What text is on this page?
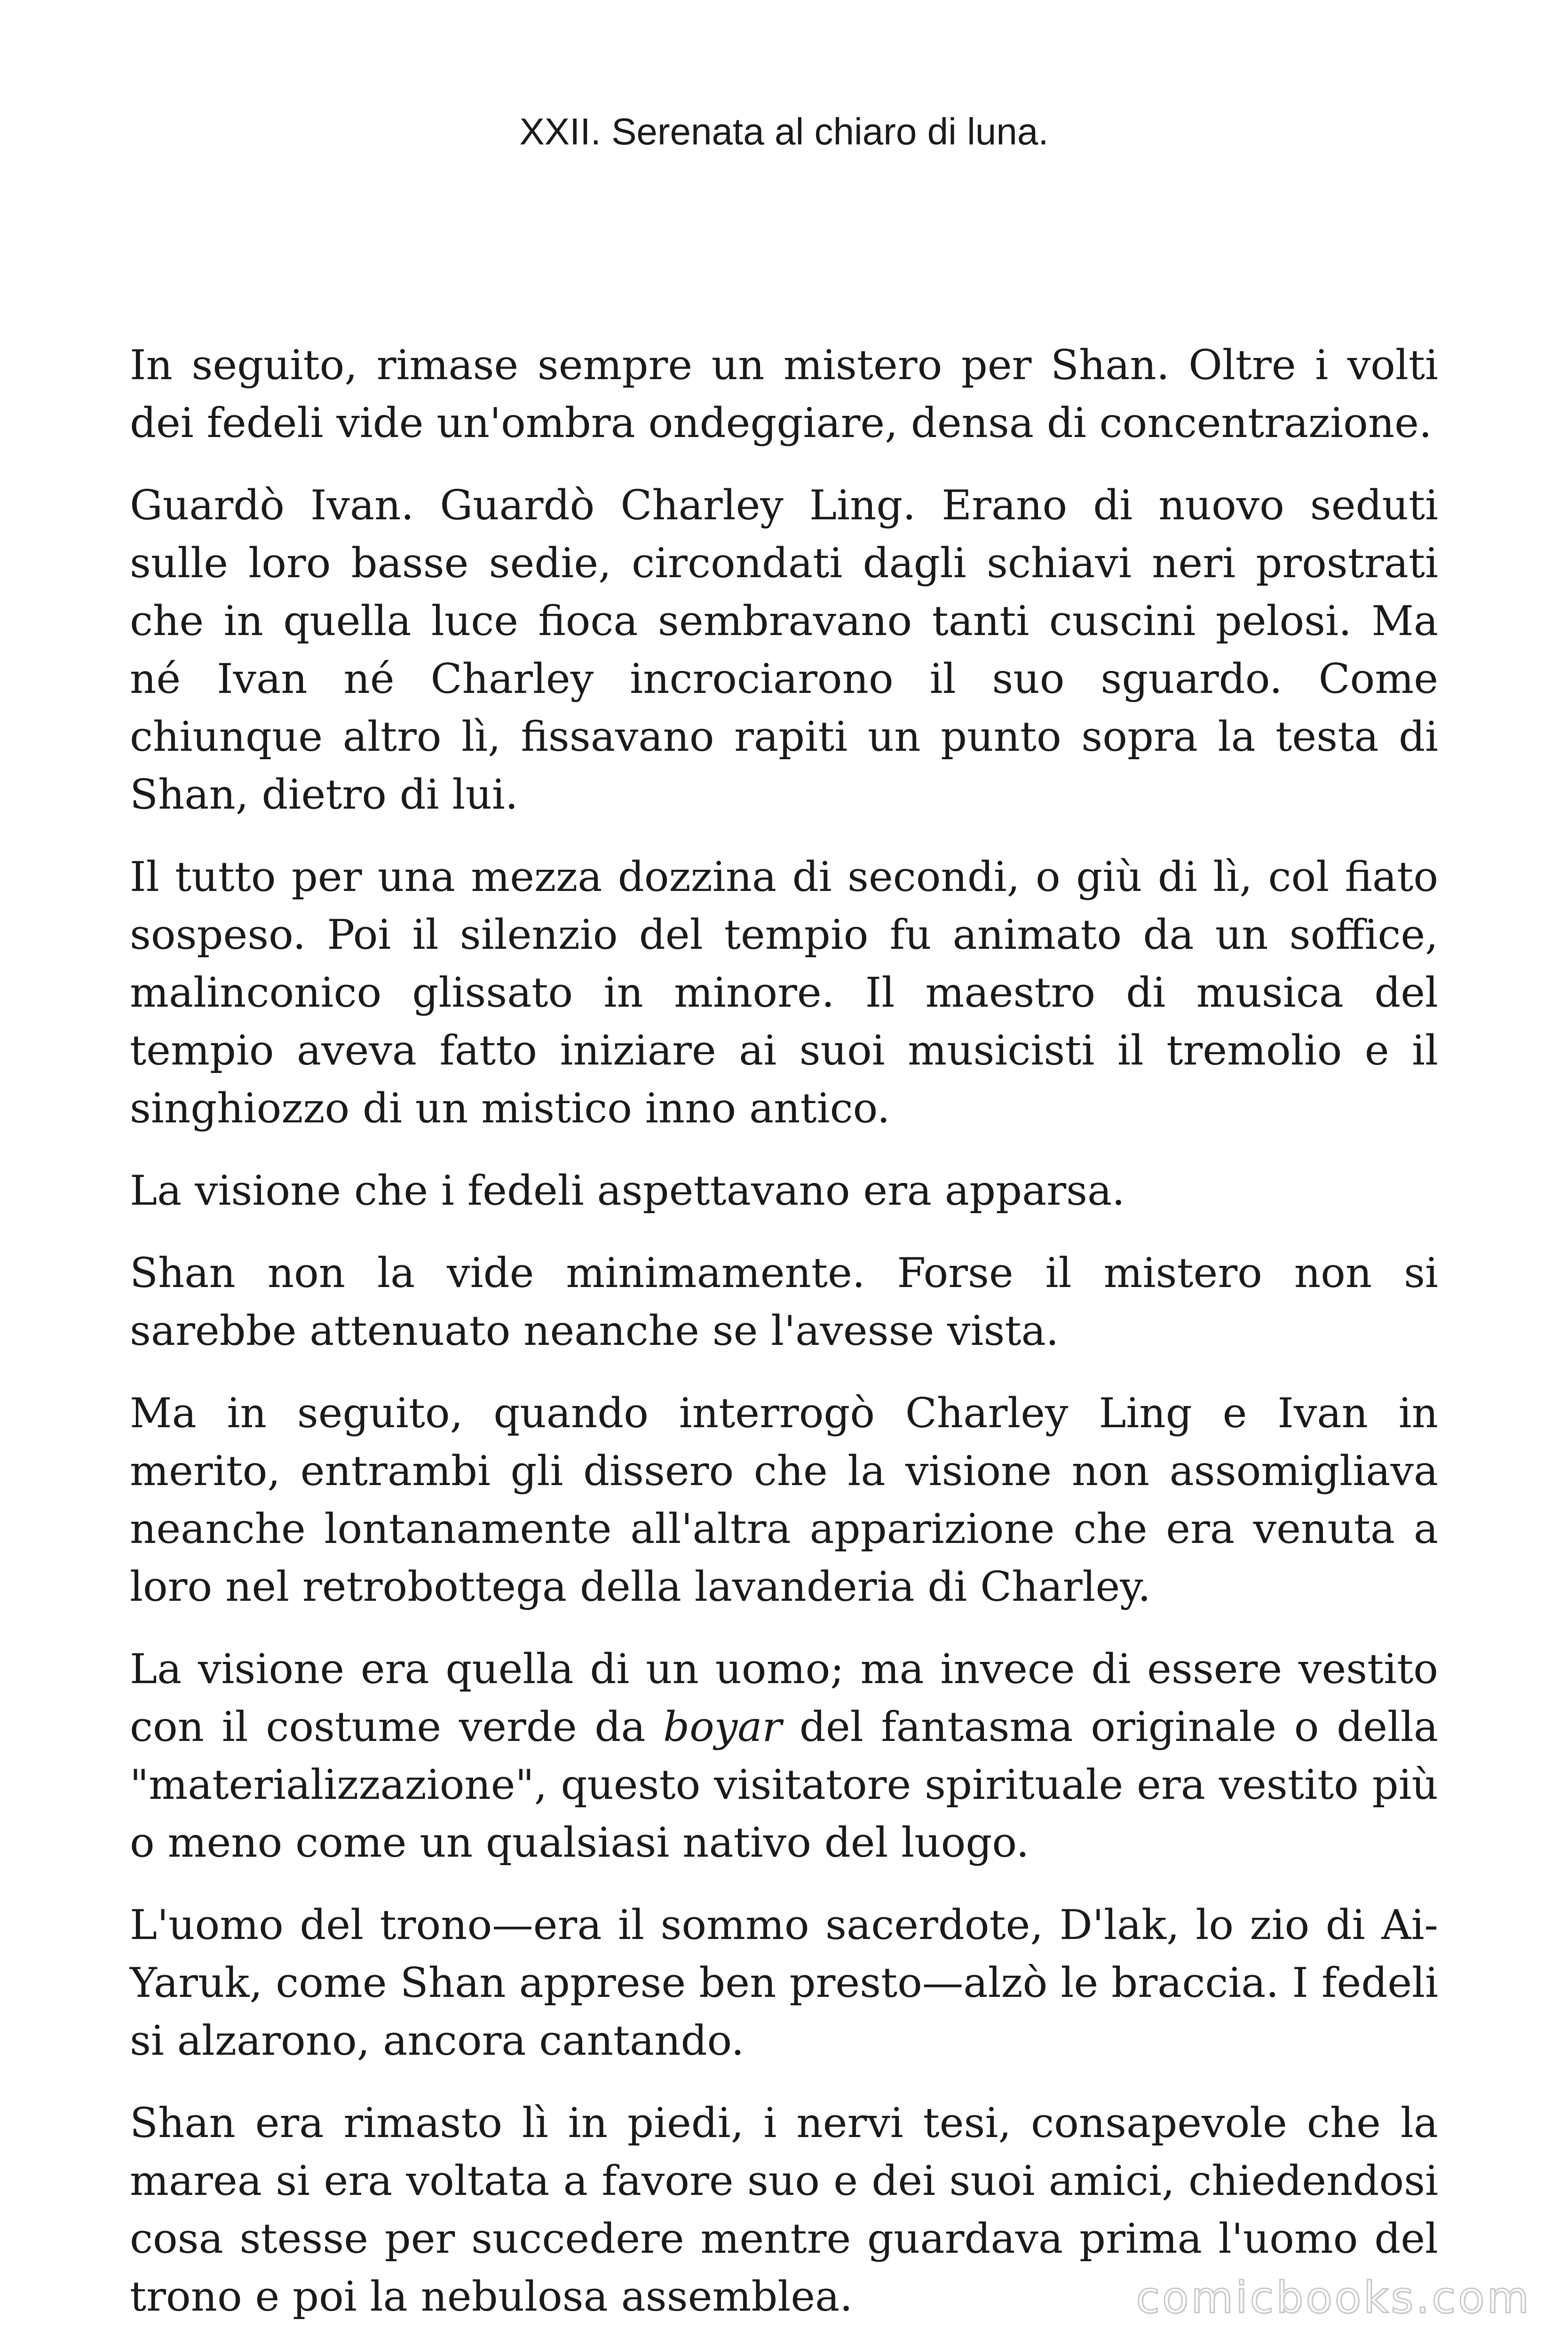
XXII. Serenata al chiaro di luna.

In seguito, rimase sempre un mistero per Shan. Oltre i volti dei fedeli vide un'ombra ondeggiare, densa di concentrazione.

Guardò Ivan. Guardò Charley Ling. Erano di nuovo seduti sulle loro basse sedie, circondati dagli schiavi neri prostrati che in quella luce fioca sembravano tanti cuscini pelosi. Ma né Ivan né Charley incrociarono il suo sguardo. Come chiunque altro lì, fissavano rapiti un punto sopra la testa di Shan, dietro di lui.

Il tutto per una mezza dozzina di secondi, o giù di lì, col fiato sospeso. Poi il silenzio del tempio fu animato da un soffice, malinconico glissato in minore. Il maestro di musica del tempio aveva fatto iniziare ai suoi musicisti il tremolio e il singhiozzo di un mistico inno antico.

La visione che i fedeli aspettavano era apparsa.

Shan non la vide minimamente. Forse il mistero non si sarebbe attenuato neanche se l'avesse vista.

Ma in seguito, quando interrogò Charley Ling e Ivan in merito, entrambi gli dissero che la visione non assomigliava neanche lontanamente all'altra apparizione che era venuta a loro nel retrobottega della lavanderia di Charley.

La visione era quella di un uomo; ma invece di essere vestito con il costume verde da boyar del fantasma originale o della "materializzazione", questo visitatore spirituale era vestito più o meno come un qualsiasi nativo del luogo.

L'uomo del trono—era il sommo sacerdote, D'lak, lo zio di Ai-Yaruk, come Shan apprese ben presto—alzò le braccia. I fedeli si alzarono, ancora cantando.

Shan era rimasto lì in piedi, i nervi tesi, consapevole che la marea si era voltata a favore suo e dei suoi amici, chiedendosi cosa stesse per succedere mentre guardava prima l'uomo del trono e poi la nebulosa assemblea.	comicbooks.com
